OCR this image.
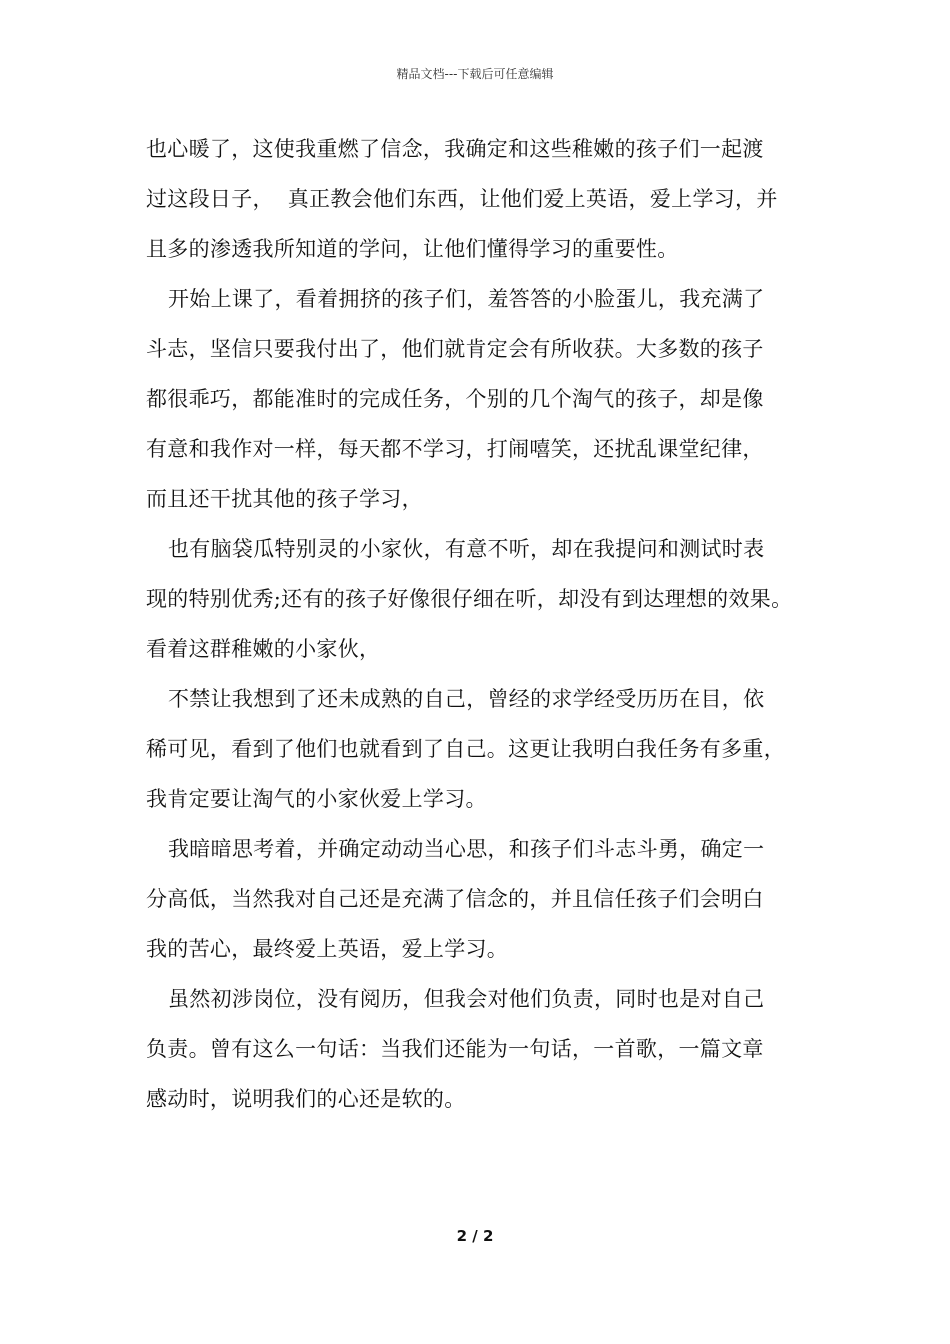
精品文档---下载后可任意编辑
也心暖了，这使我重燃了信念，我确定和这些稚嫩的孩子们一起渡
过这段日子，  真正教会他们东西，让他们爱上英语，爱上学习，并
且多的渗透我所知道的学问，让他们懂得学习的重要性。
开始上课了，看着拥挤的孩子们，羞答答的小脸蛋儿，我充满了
斗志，坚信只要我付出了，他们就肯定会有所收获。大多数的孩子
都很乖巧，都能准时的完成任务，个别的几个淘气的孩子，却是像
有意和我作对一样，每天都不学习，打闹嘻笑，还扰乱课堂纪律，
而且还干扰其他的孩子学习，
也有脑袋瓜特别灵的小家伙，有意不听，却在我提问和测试时表
现的特别优秀;还有的孩子好像很仔细在听，却没有到达理想的效果。
看着这群稚嫩的小家伙，
不禁让我想到了还未成熟的自己，曾经的求学经受历历在目，依
稀可见，看到了他们也就看到了自己。这更让我明白我任务有多重，
我肯定要让淘气的小家伙爱上学习。
我暗暗思考着，并确定动动当心思，和孩子们斗志斗勇，确定一
分高低，当然我对自己还是充满了信念的，并且信任孩子们会明白
我的苦心，最终爱上英语，爱上学习。
虽然初涉岗位，没有阅历，但我会对他们负责，同时也是对自己
负责。曾有这么一句话：当我们还能为一句话，一首歌，一篇文章
感动时，说明我们的心还是软的。
2 / 2
